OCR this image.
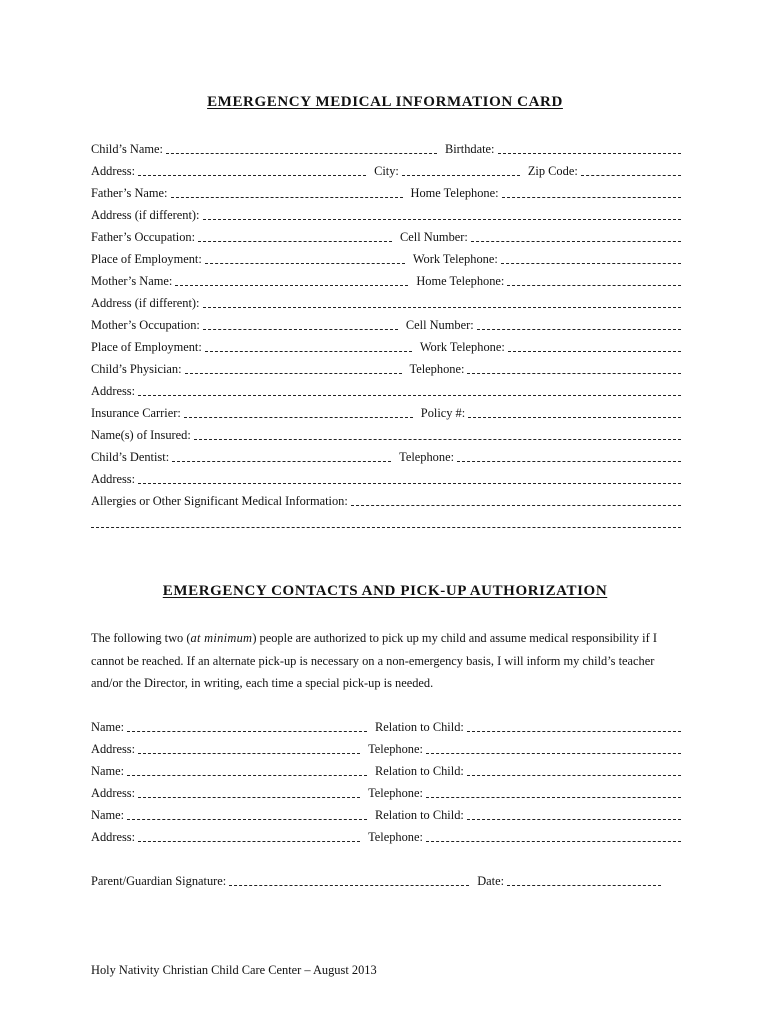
EMERGENCY MEDICAL INFORMATION CARD
Child’s Name:	Birthdate:
Address:	City:	Zip Code:
Father’s Name:	Home Telephone:
Address (if different):
Father’s Occupation:	Cell Number:
Place of Employment:	Work Telephone:
Mother’s Name:	Home Telephone:
Address (if different):
Mother’s Occupation:	Cell Number:
Place of Employment:	Work Telephone:
Child’s Physician:	Telephone:
Address:
Insurance Carrier:	Policy #:
Name(s) of Insured:
Child’s Dentist:	Telephone:
Address:
Allergies or Other Significant Medical Information:
EMERGENCY CONTACTS AND PICK-UP AUTHORIZATION
The following two (at minimum) people are authorized to pick up my child and assume medical responsibility if I cannot be reached. If an alternate pick-up is necessary on a non-emergency basis, I will inform my child’s teacher and/or the Director, in writing, each time a special pick-up is needed.
Name:	Relation to Child:
Address:	Telephone:
Name:	Relation to Child:
Address:	Telephone:
Name:	Relation to Child:
Address:	Telephone:
Parent/Guardian Signature:	Date:
Holy Nativity Christian Child Care Center – August 2013
